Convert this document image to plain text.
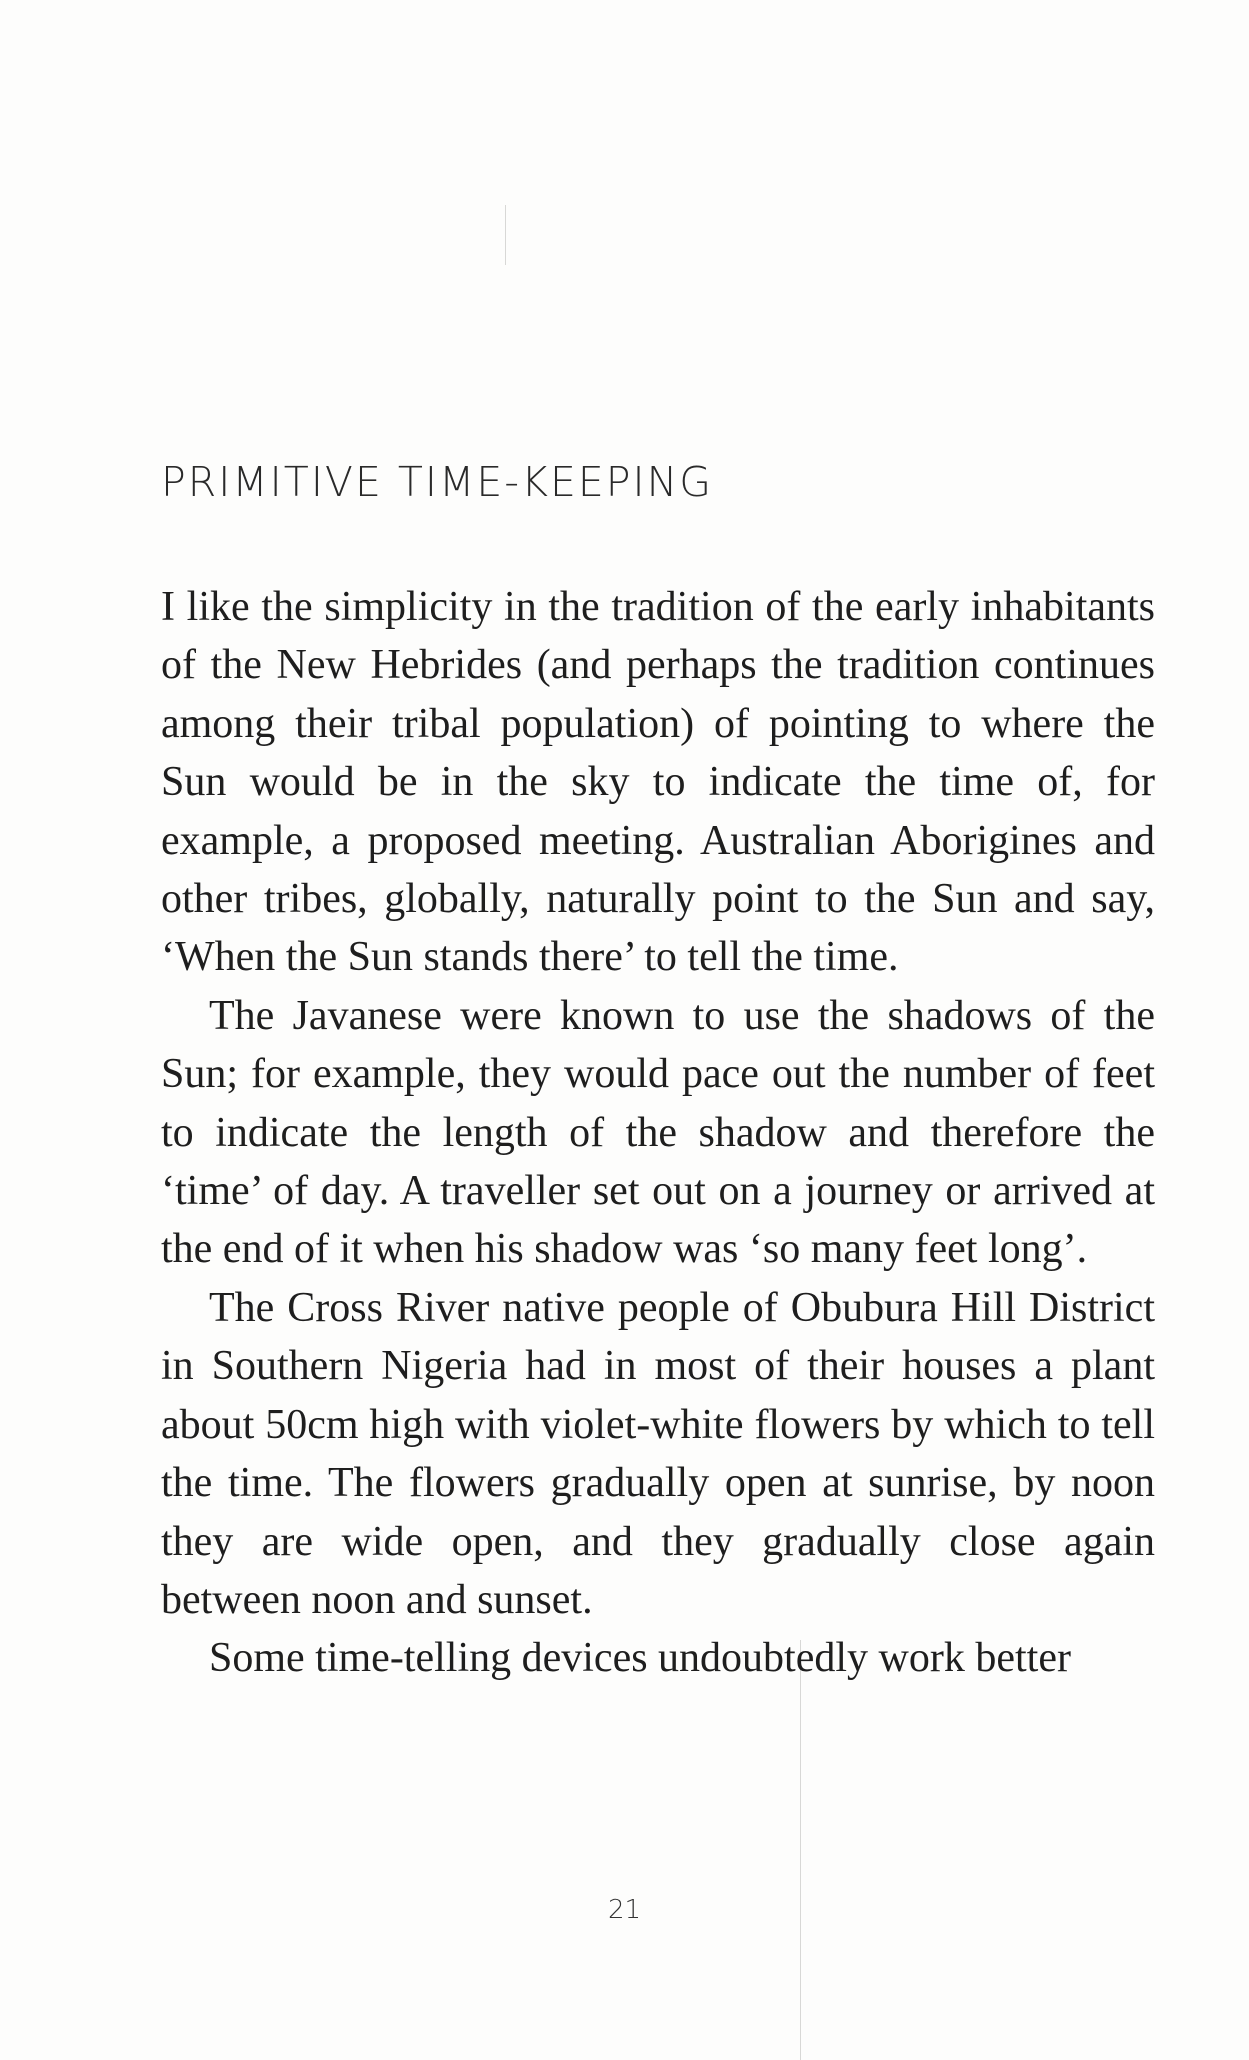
PRIMITIVE TIME-KEEPING

I like the simplicity in the tradition of the early inhabitants of the New Hebrides (and perhaps the tradition continues among their tribal population) of pointing to where the Sun would be in the sky to indicate the time of, for example, a proposed meeting. Australian Aborigines and other tribes, globally, naturally point to the Sun and say, ‘When the Sun stands there’ to tell the time.

The Javanese were known to use the shadows of the Sun; for example, they would pace out the number of feet to indicate the length of the shadow and therefore the ‘time’ of day. A traveller set out on a journey or arrived at the end of it when his shadow was ‘so many feet long’.

The Cross River native people of Obubura Hill District in Southern Nigeria had in most of their houses a plant about 50cm high with violet-white flowers by which to tell the time. The flowers gradually open at sunrise, by noon they are wide open, and they gradually close again between noon and sunset.

Some time-telling devices undoubtedly work better

21
